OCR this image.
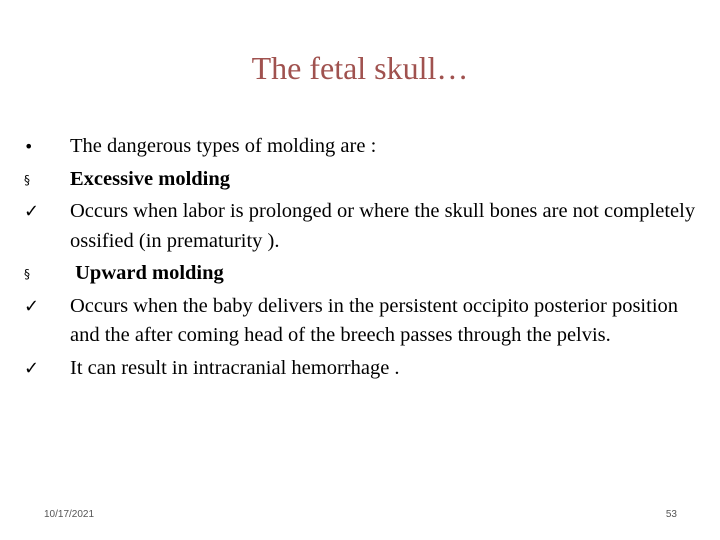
The fetal skull…
•	The dangerous types of molding are :
§	Excessive molding
✓	Occurs when labor is prolonged or where the skull bones are not completely ossified (in prematurity ).
§	Upward molding
✓	Occurs when the baby delivers in the persistent occipito posterior position and the after coming head of the breech passes through the pelvis.
✓	It can result in intracranial hemorrhage .
10/17/2021	53
